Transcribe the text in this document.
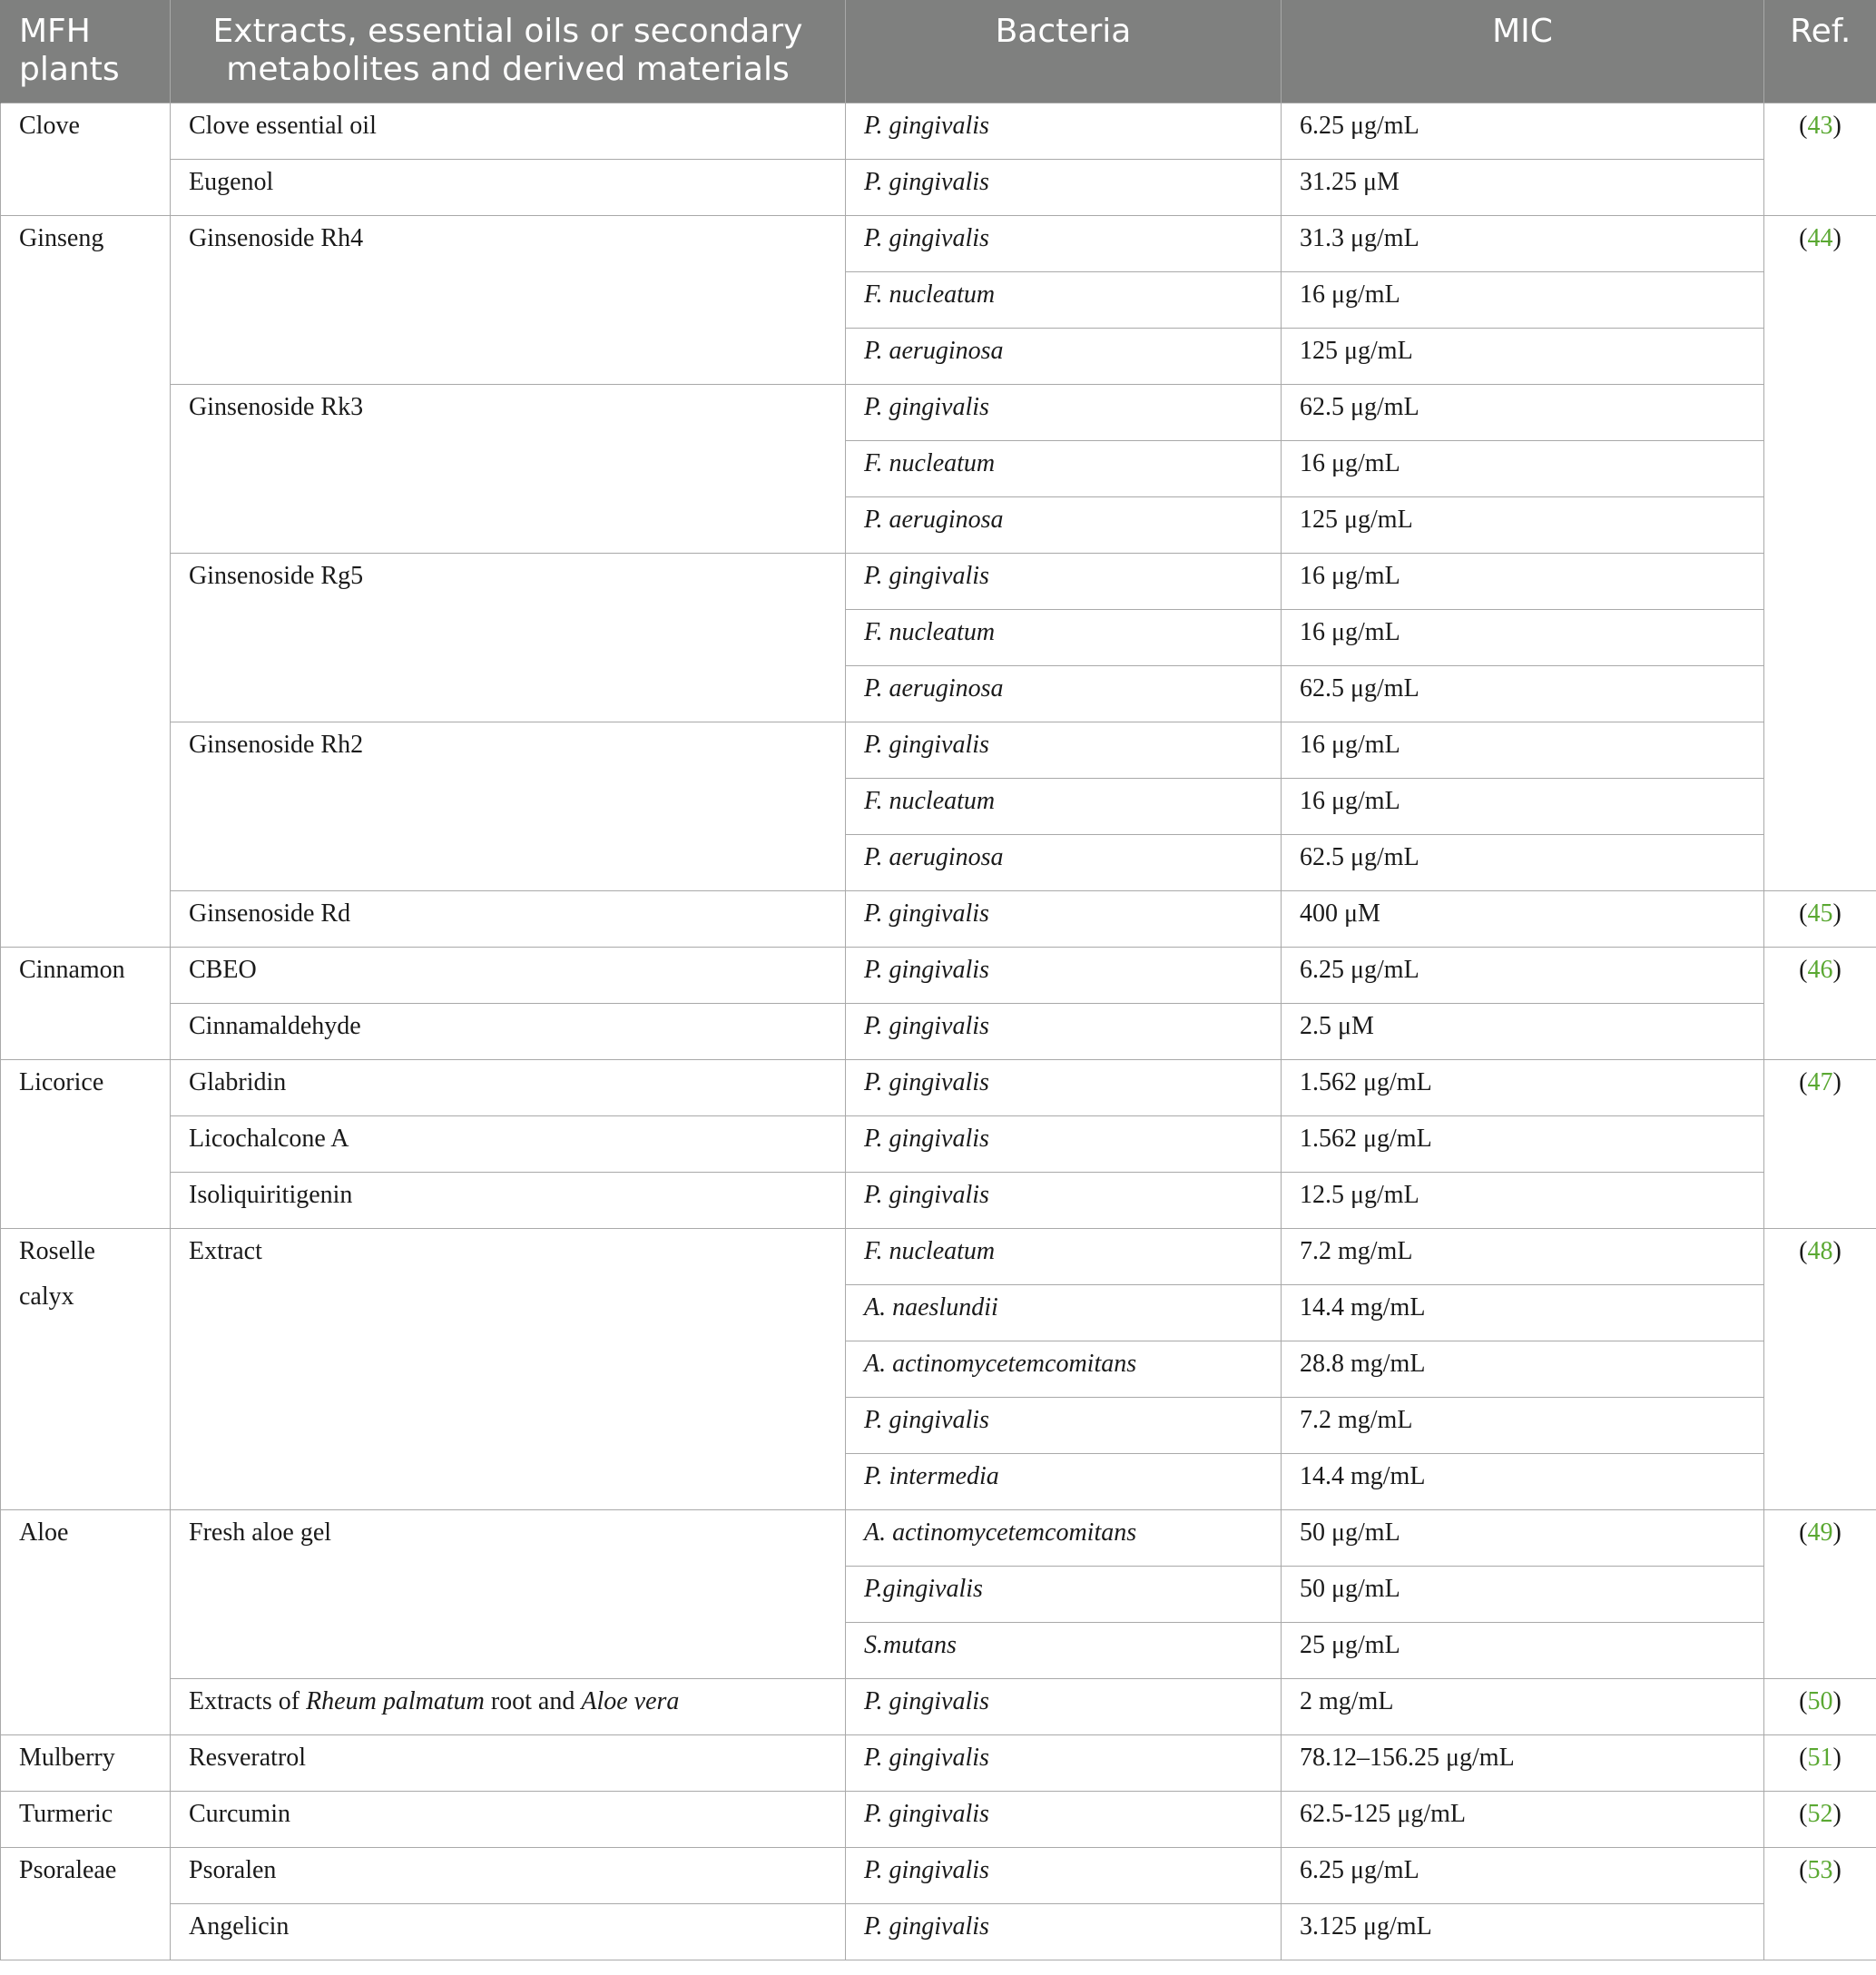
MFH plants	Extracts, essential oils or secondary metabolites and derived materials	Bacteria	MIC	Ref.
Clove	Clove essential oil	P. gingivalis	6.25 μg/mL	(43)
	Eugenol	P. gingivalis	31.25 μM	
Ginseng	Ginsenoside Rh4	P. gingivalis	31.3 μg/mL	(44)
		F. nucleatum	16 μg/mL	
		P. aeruginosa	125 μg/mL	
	Ginsenoside Rk3	P. gingivalis	62.5 μg/mL	
		F. nucleatum	16 μg/mL	
		P. aeruginosa	125 μg/mL	
	Ginsenoside Rg5	P. gingivalis	16 μg/mL	
		F. nucleatum	16 μg/mL	
		P. aeruginosa	62.5 μg/mL	
	Ginsenoside Rh2	P. gingivalis	16 μg/mL	
		F. nucleatum	16 μg/mL	
		P. aeruginosa	62.5 μg/mL	
	Ginsenoside Rd	P. gingivalis	400 μM	(45)
Cinnamon	CBEO	P. gingivalis	6.25 μg/mL	(46)
	Cinnamaldehyde	P. gingivalis	2.5 μM	
Licorice	Glabridin	P. gingivalis	1.562 μg/mL	(47)
	Licochalcone A	P. gingivalis	1.562 μg/mL	
	Isoliquiritigenin	P. gingivalis	12.5 μg/mL	
Roselle calyx	Extract	F. nucleatum	7.2 mg/mL	(48)
		A. naeslundii	14.4 mg/mL	
		A. actinomycetemcomitans	28.8 mg/mL	
		P. gingivalis	7.2 mg/mL	
		P. intermedia	14.4 mg/mL	
Aloe	Fresh aloe gel	A. actinomycetemcomitans	50 μg/mL	(49)
		P.gingivalis	50 μg/mL	
		S.mutans	25 μg/mL	
	Extracts of Rheum palmatum root and Aloe vera	P. gingivalis	2 mg/mL	(50)
Mulberry	Resveratrol	P. gingivalis	78.12–156.25 μg/mL	(51)
Turmeric	Curcumin	P. gingivalis	62.5-125 μg/mL	(52)
Psoraleae	Psoralen	P. gingivalis	6.25 μg/mL	(53)
	Angelicin	P. gingivalis	3.125 μg/mL	
